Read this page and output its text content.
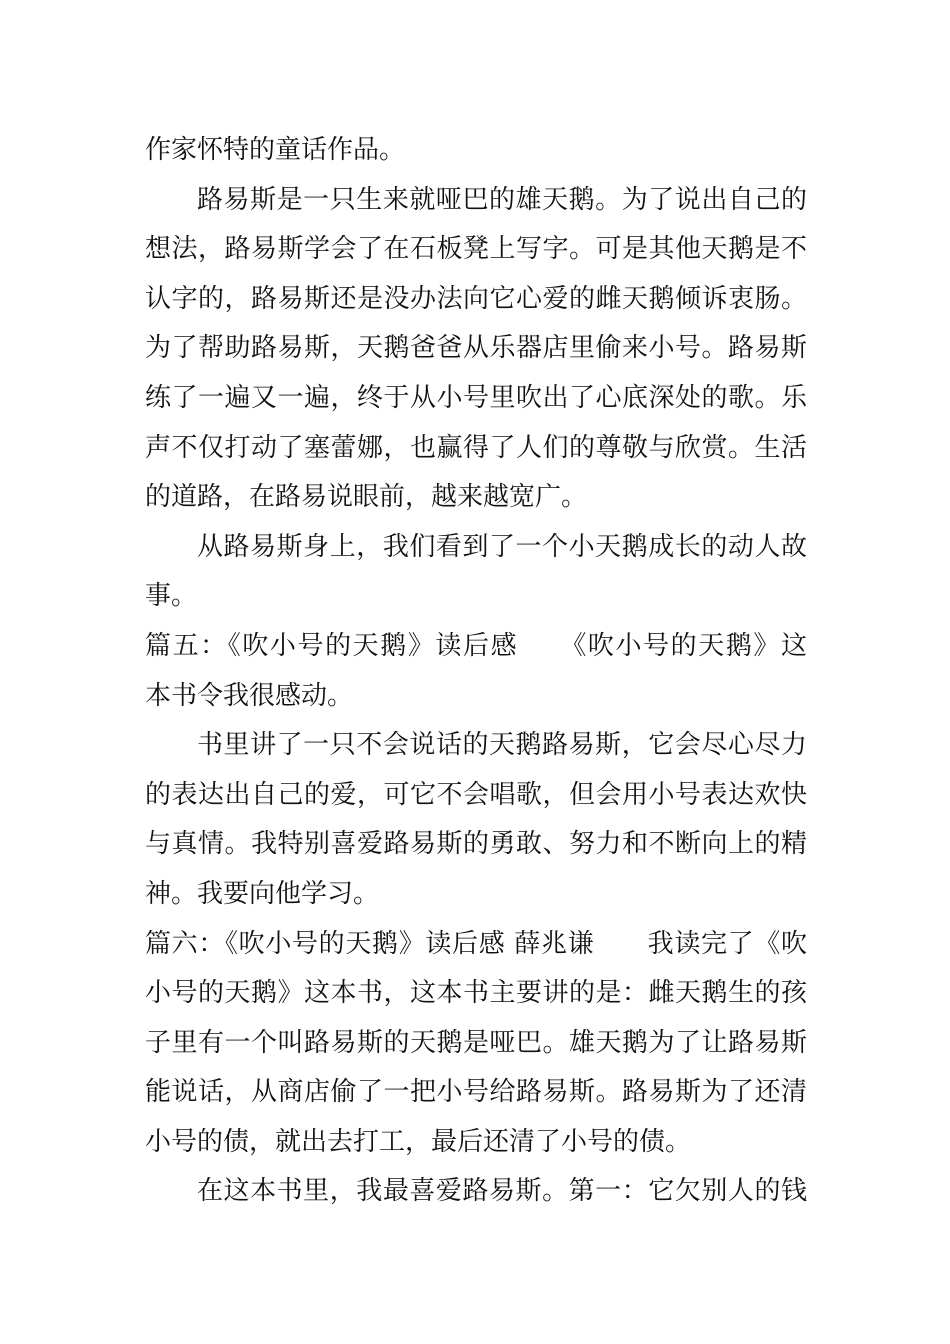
作家怀特的童话作品。
路易斯是一只生来就哑巴的雄天鹅。为了说出自己的
想法，路易斯学会了在石板凳上写字。可是其他天鹅是不
认字的，路易斯还是没办法向它心爱的雌天鹅倾诉衷肠。
为了帮助路易斯，天鹅爸爸从乐器店里偷来小号。路易斯
练了一遍又一遍，终于从小号里吹出了心底深处的歌。乐
声不仅打动了塞蕾娜，也赢得了人们的尊敬与欣赏。生活
的道路，在路易说眼前，越来越宽广。
从路易斯身上，我们看到了一个小天鹅成长的动人故
事。
篇五：《吹小号的天鹅》读后感　　《吹小号的天鹅》这
本书令我很感动。
书里讲了一只不会说话的天鹅路易斯，它会尽心尽力
的表达出自己的爱，可它不会唱歌，但会用小号表达欢快
与真情。我特别喜爱路易斯的勇敢、努力和不断向上的精
神。我要向他学习。
篇六：《吹小号的天鹅》读后感 薛兆谦　　我读完了《吹
小号的天鹅》这本书，这本书主要讲的是：雌天鹅生的孩
子里有一个叫路易斯的天鹅是哑巴。雄天鹅为了让路易斯
能说话，从商店偷了一把小号给路易斯。路易斯为了还清
小号的债，就出去打工，最后还清了小号的债。
在这本书里，我最喜爱路易斯。第一：它欠别人的钱
